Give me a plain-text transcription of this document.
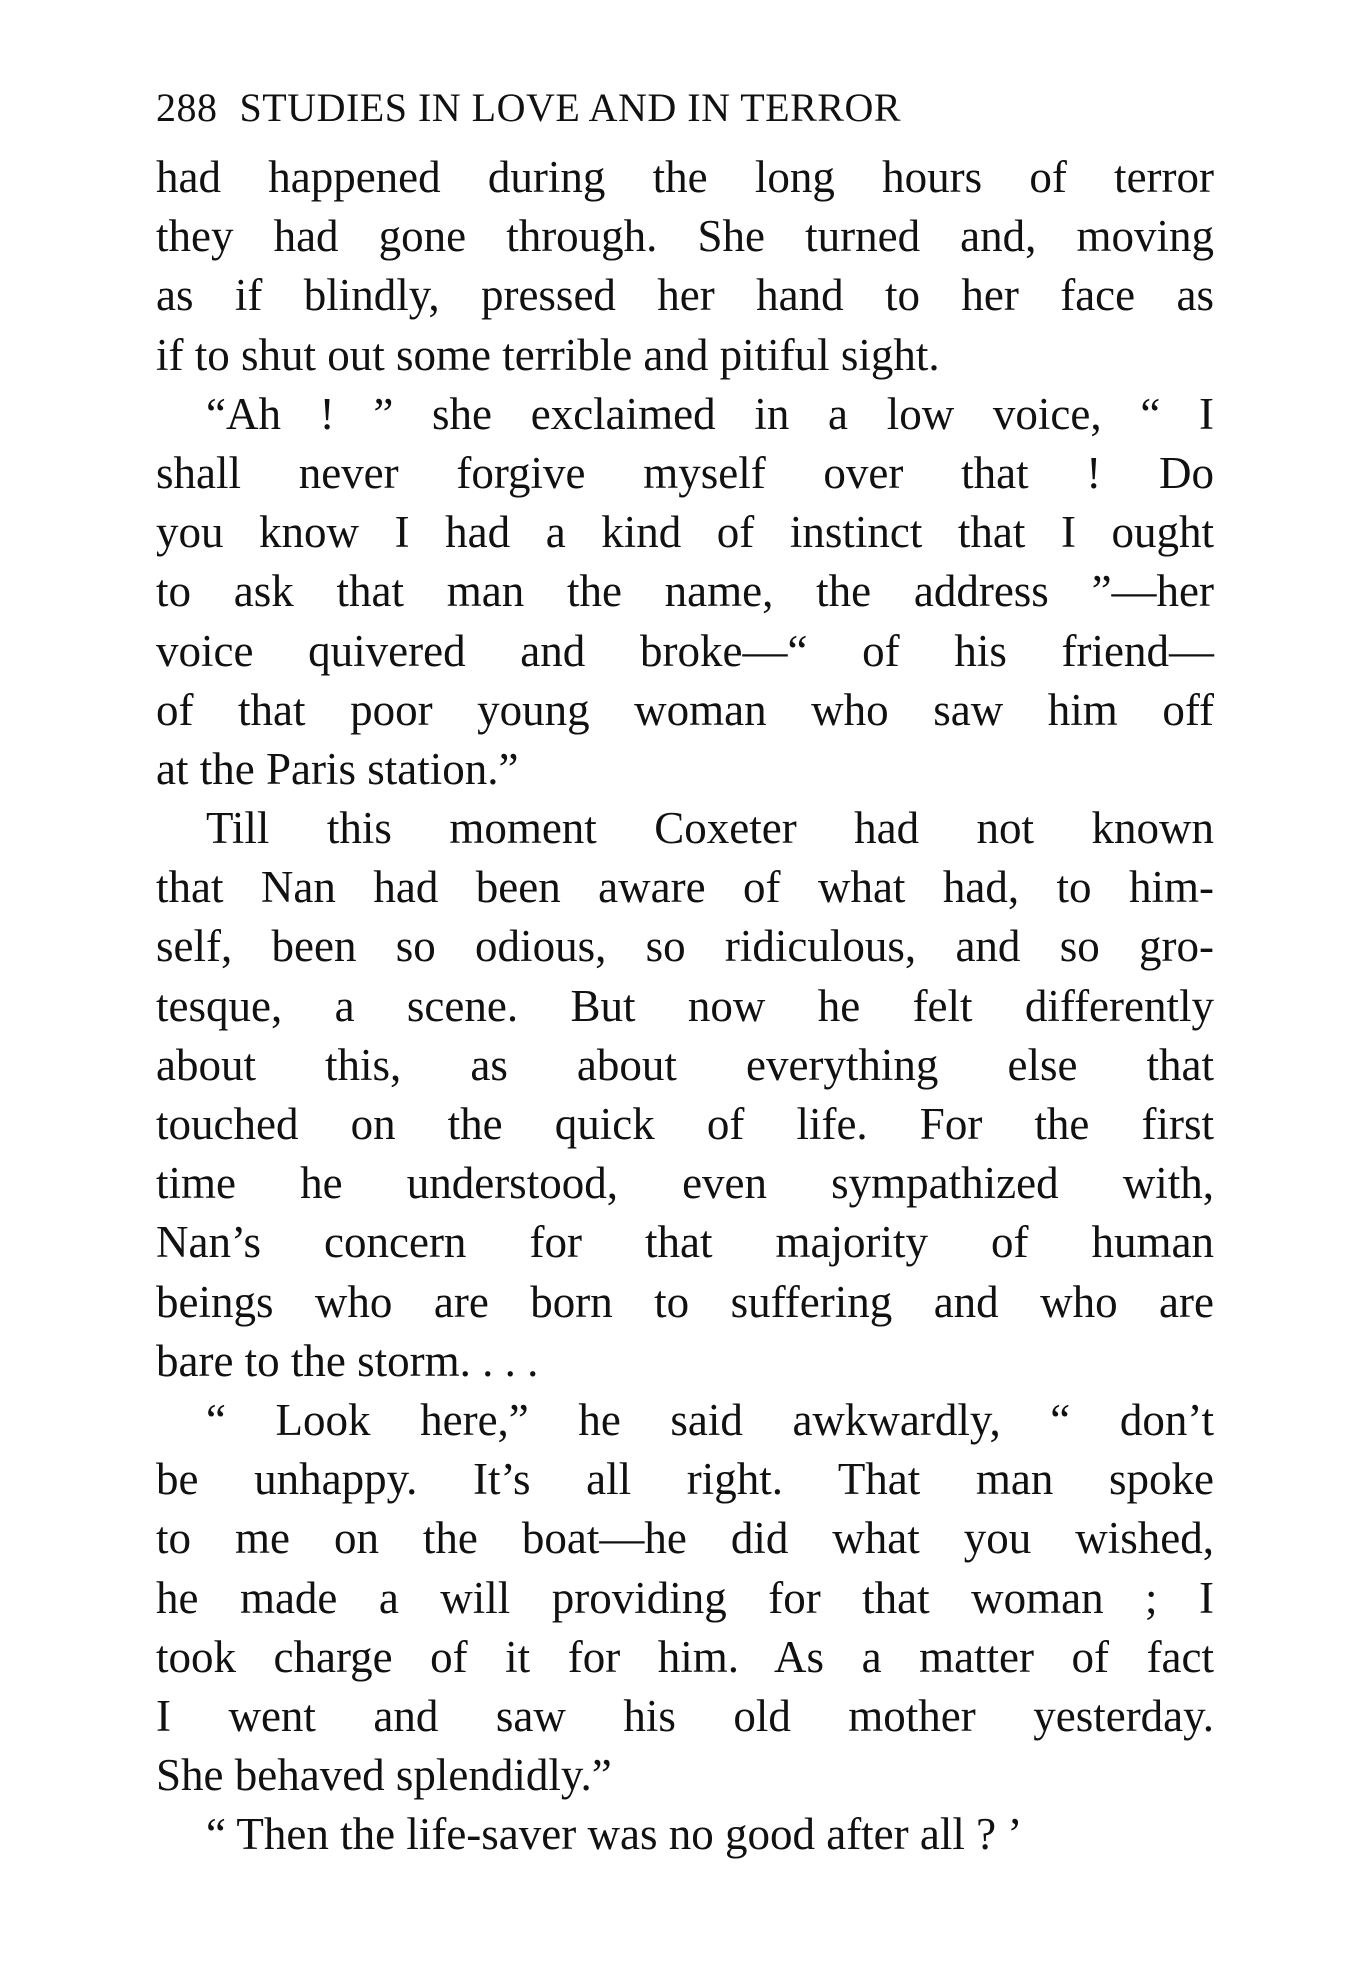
288 STUDIES IN LOVE AND IN TERROR
had happened during the long hours of terror
they had gone through. She turned and, moving
as if blindly, pressed her hand to her face as
if to shut out some terrible and pitiful sight.
“Ah ! ” she exclaimed in a low voice, “ I
shall never forgive myself over that ! Do
you know I had a kind of instinct that I ought
to ask that man the name, the address ”—her
voice quivered and broke—“ of his friend—
of that poor young woman who saw him off
at the Paris station.”
Till this moment Coxeter had not known
that Nan had been aware of what had, to him-
self, been so odious, so ridiculous, and so gro-
tesque, a scene. But now he felt differently
about this, as about everything else that
touched on the quick of life. For the first
time he understood, even sympathized with,
Nan’s concern for that majority of human
beings who are born to suffering and who are
bare to the storm. . . .
“ Look here,” he said awkwardly, “ don’t
be unhappy. It’s all right. That man spoke
to me on the boat—he did what you wished,
he made a will providing for that woman ; I
took charge of it for him. As a matter of fact
I went and saw his old mother yesterday.
She behaved splendidly.”
“ Then the life-saver was no good after all ? ’
